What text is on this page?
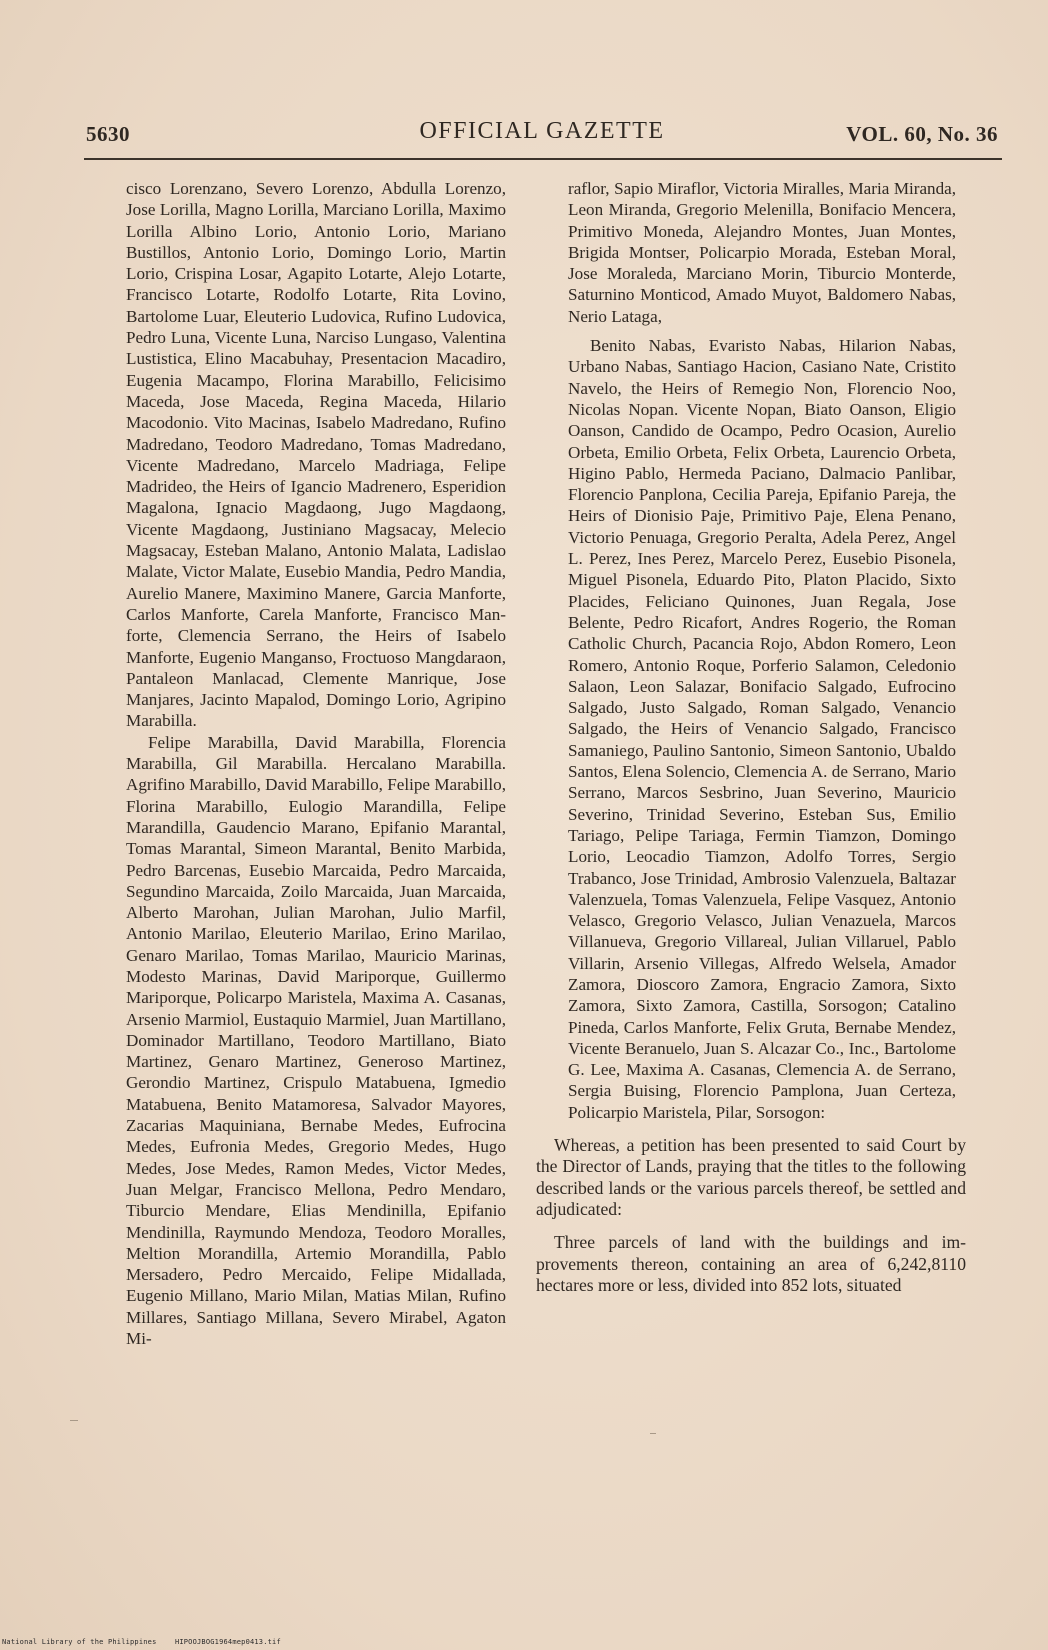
5630	OFFICIAL GAZETTE	VOL. 60, No. 36

cisco Lorenzano, Severo Lorenzo, Abdulla Lorenzo, Jose Lorilla, Magno Lorilla, Marciano Lorilla, Maximo Lorilla Albino Lorio, Antonio Lorio, Mariano Bustillos, Antonio Lorio, Domingo Lorio, Martin Lorio, Crispina Losar, Agapito Lotarte, Alejo Lotarte, Francisco Lotarte, Rodolfo Lotarte, Rita Lovino, Bartolome Luar, Eleuterio Ludovica, Rufino Ludovica, Pedro Luna, Vicente Luna, Narciso Lungaso, Valentina Lustistica, Elino Macabuhay, Presentacion Macadiro, Eugenia Macampo, Florina Marabillo, Felicisimo Maceda, Jose Maceda, Regina Maceda, Hilario Macodonio. Vito Macinas, Isabelo Madredano, Rufino Madredano, Teodoro Madredano, Tomas Madredano, Vicente Madredano, Marcelo Madriaga, Felipe Madrideo, the Heirs of Igancio Madrenero, Esperidion Magalona, Ignacio Magdaong, Jugo Magdaong, Vicente Magdaong, Justiniano Magsacay, Melecio Magsacay, Esteban Malano, Antonio Malata, Ladislao Malate, Victor Malate, Eusebio Mandia, Pedro Mandia, Aurelio Manere, Maximino Manere, Garcia Manforte, Carlos Manforte, Carela Manforte, Francisco Manforte, Clemencia Serrano, the Heirs of Isabelo Manforte, Eugenio Manganso, Froctuoso Mangdaraon, Pantaleon Manlacad, Clemente Manrique, Jose Manjares, Jacinto Mapalod, Domingo Lorio, Agripino Marabilla.

Felipe Marabilla, David Marabilla, Florencia Marabilla, Gil Marabilla. Hercalano Marabilla. Agrifino Marabillo, David Marabillo, Felipe Marabillo, Florina Marabillo, Eulogio Marandilla, Felipe Marandilla, Gaudencio Marano, Epifanio Marantal, Tomas Marantal, Simeon Marantal, Benito Marbida, Pedro Barcenas, Eusebio Marcaida, Pedro Marcaida, Segundino Marcaida, Zoilo Marcaida, Juan Marcaida, Alberto Marohan, Julian Marohan, Julio Marfil, Antonio Marilao, Eleuterio Marilao, Erino Marilao, Genaro Marilao, Tomas Marilao, Mauricio Marinas, Modesto Marinas, David Mariporque, Guillermo Mariporque, Policarpo Maristela, Maxima A. Casanas, Arsenio Marmiol, Eustaquio Marmiel, Juan Martillano, Dominador Martillano, Teodoro Martillano, Biato Martinez, Genaro Martinez, Generoso Martinez, Gerondio Martinez, Crispulo Matabuena, Igmedio Matabuena, Benito Matamoresa, Salvador Mayores, Zacarias Maquiniana, Bernabe Medes, Eufrocina Medes, Eufronia Medes, Gregorio Medes, Hugo Medes, Jose Medes, Ramon Medes, Victor Medes, Juan Melgar, Francisco Mellona, Pedro Mendaro, Tiburcio Mendare, Elias Mendinilla, Epifanio Mendinilla, Raymundo Mendoza, Teodoro Moralles, Meltion Morandilla, Artemio Morandilla, Pablo Mersadero, Pedro Mercaido, Felipe Midallada, Eugenio Millano, Mario Milan, Matias Milan, Rufino Millares, Santiago Millana, Severo Mirabel, Agaton Mi-

raflor, Sapio Miraflor, Victoria Miralles, Maria Miranda, Leon Miranda, Gregorio Melenilla, Bonifacio Mencera, Primitivo Moneda, Alejandro Montes, Juan Montes, Brigida Montser, Policarpio Morada, Esteban Moral, Jose Moraleda, Marciano Morin, Tiburcio Monterde, Saturnino Monticod, Amado Muyot, Baldomero Nabas, Nerio Lataga,

Benito Nabas, Evaristo Nabas, Hilarion Nabas, Urbano Nabas, Santiago Hacion, Casiano Nate, Cristito Navelo, the Heirs of Remegio Non, Florencio Noo, Nicolas Nopan. Vicente Nopan, Biato Oanson, Eligio Oanson, Candido de Ocampo, Pedro Ocasion, Aurelio Orbeta, Emilio Orbeta, Felix Orbeta, Laurencio Orbeta, Higino Pablo, Hermeda Paciano, Dalmacio Panlibar, Florencio Panplona, Cecilia Pareja, Epifanio Pareja, the Heirs of Dionisio Paje, Primitivo Paje, Elena Penano, Victorio Penuaga, Gregorio Peralta, Adela Perez, Angel L. Perez, Ines Perez, Marcelo Perez, Eusebio Pisonela, Miguel Pisonela, Eduardo Pito, Platon Placido, Sixto Placides, Feliciano Quinones, Juan Regala, Jose Belente, Pedro Ricafort, Andres Rogerio, the Roman Catholic Church, Pacancia Rojo, Abdon Romero, Leon Romero, Antonio Roque, Porferio Salamon, Celedonio Salaon, Leon Salazar, Bonifacio Salgado, Eufrocino Salgado, Justo Salgado, Roman Salgado, Venancio Salgado, the Heirs of Venancio Salgado, Francisco Samaniego, Paulino Santonio, Simeon Santonio, Ubaldo Santos, Elena Solencio, Clemencia A. de Serrano, Mario Serrano, Marcos Sesbrino, Juan Severino, Mauricio Severino, Trinidad Severino, Esteban Sus, Emilio Tariago, Pelipe Tariaga, Fermin Tiamzon, Domingo Lorio, Leocadio Tiamzon, Adolfo Torres, Sergio Trabanco, Jose Trinidad, Ambrosio Valenzuela, Baltazar Valenzuela, Tomas Valenzuela, Felipe Vasquez, Antonio Velasco, Gregorio Velasco, Julian Venazuela, Marcos Villanueva, Gregorio Villareal, Julian Villaruel, Pablo Villarin, Arsenio Villegas, Alfredo Welsela, Amador Zamora, Dioscoro Zamora, Engracio Zamora, Sixto Zamora, Sixto Zamora, Castilla, Sorsogon; Catalino Pineda, Carlos Manforte, Felix Gruta, Bernabe Mendez, Vicente Beranuelo, Juan S. Alcazar Co., Inc., Bartolome G. Lee, Maxima A. Casanas, Clemencia A. de Serrano, Sergia Buising, Florencio Pamplona, Juan Certeza, Policarpio Maristela, Pilar, Sorsogon:

Whereas, a petition has been presented to said Court by the Director of Lands, praying that the titles to the following described lands or the various parcels thereof, be settled and adjudicated:

Three parcels of land with the buildings and improvements thereon, containing an area of 6,242,8110 hectares more or less, divided into 852 lots, situated

National Library of the Philippines	HIPOOJBOG1964mep0413.tif
